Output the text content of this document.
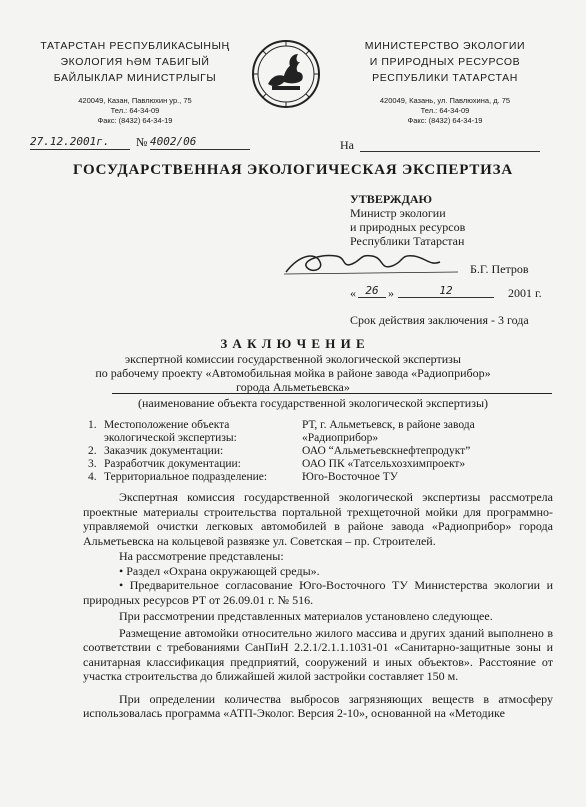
ТАТАРСТАН РЕСПУБЛИКАСЫНЫҢ
ЭКОЛОГИЯ ҺӘМ ТАБИГЫЙ
БАЙЛЫКЛАР МИНИСТРЛЫГЫ
420049, Казан, Павлюхин ур., 75
Тел.: 64-34-09
Факс: (8432) 64-34-19
МИНИСТЕРСТВО ЭКОЛОГИИ
И ПРИРОДНЫХ РЕСУРСОВ
РЕСПУБЛИКИ ТАТАРСТАН
420049, Казань, ул. Павлюхина, д. 75
Тел.: 64-34-09
Факс: (8432) 64-34-19
27.12.2001г.	№ 4002/06	На
ГОСУДАРСТВЕННАЯ ЭКОЛОГИЧЕСКАЯ ЭКСПЕРТИЗА
УТВЕРЖДАЮ
Министр экологии
и природных ресурсов
Республики Татарстан
Б.Г. Петров
« 26 »	12	2001 г.
Срок действия заключения - 3 года
З А К Л Ю Ч Е Н И Е
экспертной комиссии государственной экологической экспертизы
по рабочему проекту «Автомобильная мойка в районе завода «Радиоприбор»
города Альметьевска»
(наименование объекта государственной экологической экспертизы)
1. Местоположение объекта	РТ, г. Альметьевск, в районе завода
экологической экспертизы:	«Радиоприбор»
2. Заказчик документации:	ОАО “Альметьевскнефтепродукт”
3. Разработчик документации:	ОАО ПК «Татсельхозхимпроект»
4. Территориальное подразделение:	Юго-Восточное ТУ
Экспертная комиссия государственной экологической экспертизы рассмотрела проектные материалы строительства портальной трехщеточной мойки для программно-управляемой очистки легковых автомобилей в районе завода «Радиоприбор» города Альметьевска на кольцевой развязке ул. Советская – пр. Строителей.
На рассмотрение представлены:
• Раздел «Охрана окружающей среды».
• Предварительное согласование Юго-Восточного ТУ Министерства экологии и природных ресурсов РТ от 26.09.01 г. № 516.
При рассмотрении представленных материалов установлено следующее.
Размещение автомойки относительно жилого массива и других зданий выполнено в соответствии с требованиями СанПиН 2.2.1/2.1.1.1031-01 «Санитарно-защитные зоны и санитарная классификация предприятий, сооружений и иных объектов». Расстояние от участка строительства до ближайшей жилой застройки составляет 150 м.
При определении количества выбросов загрязняющих веществ в атмосферу использовалась программа «АТП-Эколог. Версия 2-10», основанной на «Методике
